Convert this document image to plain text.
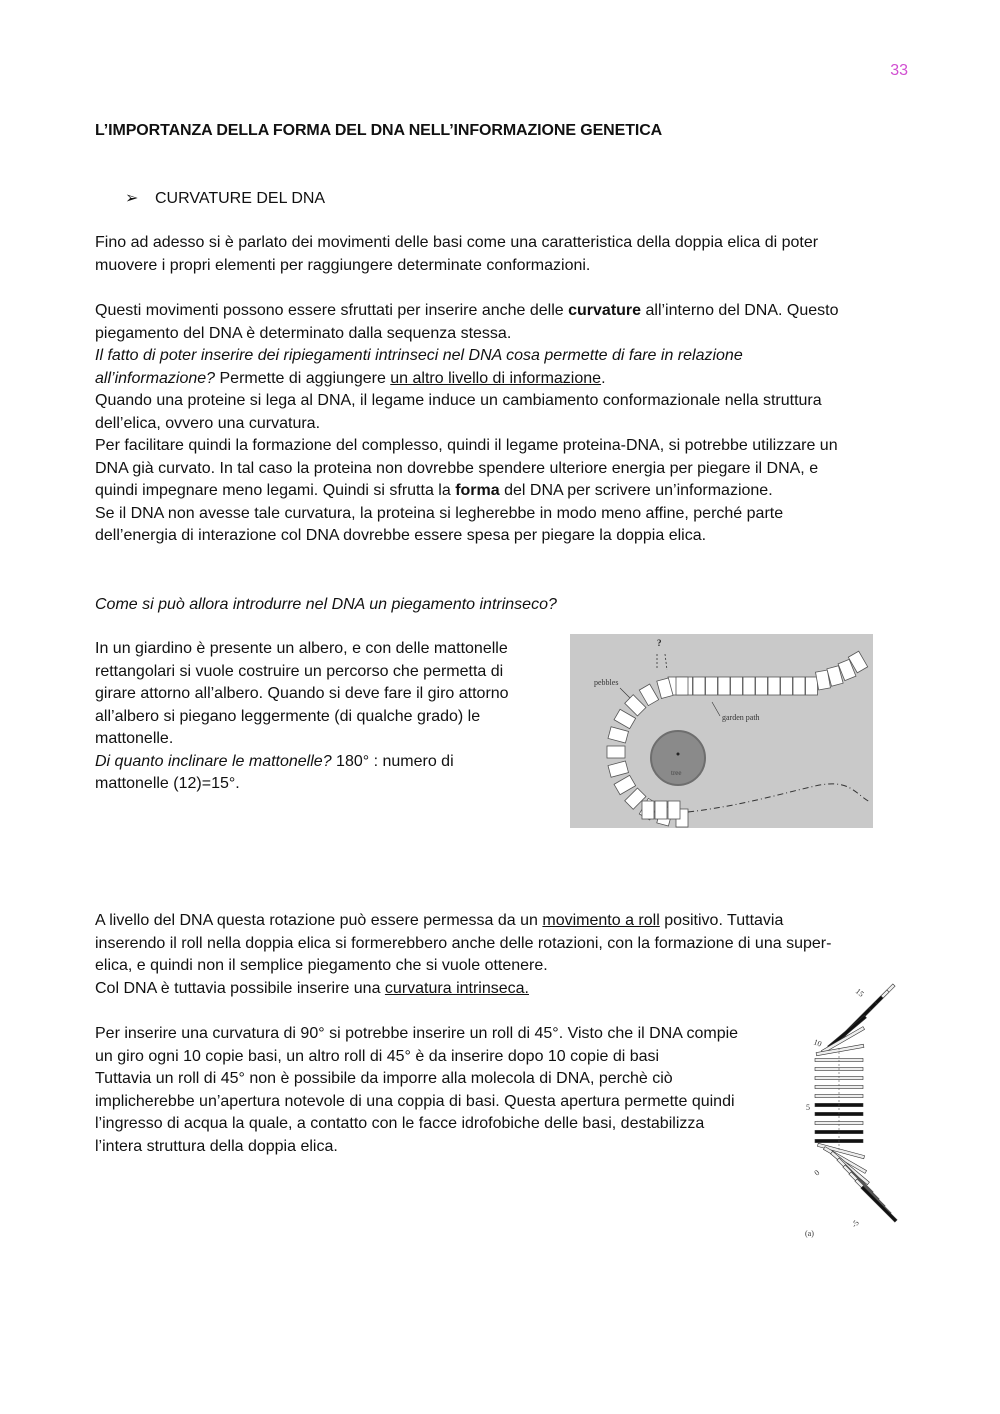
33
L’IMPORTANZA DELLA FORMA DEL DNA NELL’INFORMAZIONE GENETICA
➢ CURVATURE DEL DNA

Fino ad adesso si è parlato dei movimenti delle basi come una caratteristica della doppia elica di poter

muovere i propri elementi per raggiungere determinate conformazioni.

Questi movimenti possono essere sfruttati per inserire anche delle curvature all’interno del DNA. Questo

piegamento del DNA è determinato dalla sequenza stessa.

Il fatto di poter inserire dei ripiegamenti intrinseci nel DNA cosa permette di fare in relazione

all’informazione? Permette di aggiungere un altro livello di informazione.

Quando una proteine si lega al DNA, il legame induce un cambiamento conformazionale nella struttura

dell’elica, ovvero una curvatura.

Per facilitare quindi la formazione del complesso, quindi il legame proteina-DNA, si potrebbe utilizzare un

DNA già curvato. In tal caso la proteina non dovrebbe spendere ulteriore energia per piegare il DNA, e

quindi impegnare meno legami. Quindi si sfrutta la forma del DNA per scrivere un’informazione.

Se il DNA non avesse tale curvatura, la proteina si legherebbe in modo meno affine, perché parte

dell’energia di interazione col DNA dovrebbe essere spesa per piegare la doppia elica.

Come si può allora introdurre nel DNA un piegamento intrinseco?

In un giardino è presente un albero, e con delle mattonelle

rettangolari si vuole costruire un percorso che permetta di

girare attorno all’albero. Quando si deve fare il giro attorno

all’albero si piegano leggermente (di qualche grado) le

mattonelle.

Di quanto inclinare le mattonelle? 180° : numero di

mattonelle (12)=15°.

tree
?
pebbles
garden path

A livello del DNA questa rotazione può essere permessa da un movimento a roll positivo. Tuttavia

inserendo il roll nella doppia elica si formerebbero anche delle rotazioni, con la formazione di una super-

elica, e quindi non il semplice piegamento che si vuole ottenere.

Col DNA è tuttavia possibile inserire una curvatura intrinseca.

Per inserire una curvatura di 90° si potrebbe inserire un roll di 45°. Visto che il DNA compie

un giro ogni 10 copie basi, un altro roll di 45° è da inserire dopo 10 copie di basi

Tuttavia un roll di 45° non è possibile da imporre alla molecola di DNA, perchè ciò

implicherebbe un’apertura notevole di una coppia di basi. Questa apertura permette quindi

l’ingresso di acqua la quale, a contatto con le facce idrofobiche delle basi, destabilizza

l’intera struttura della doppia elica.

15
10
5
0
-5
(a)
